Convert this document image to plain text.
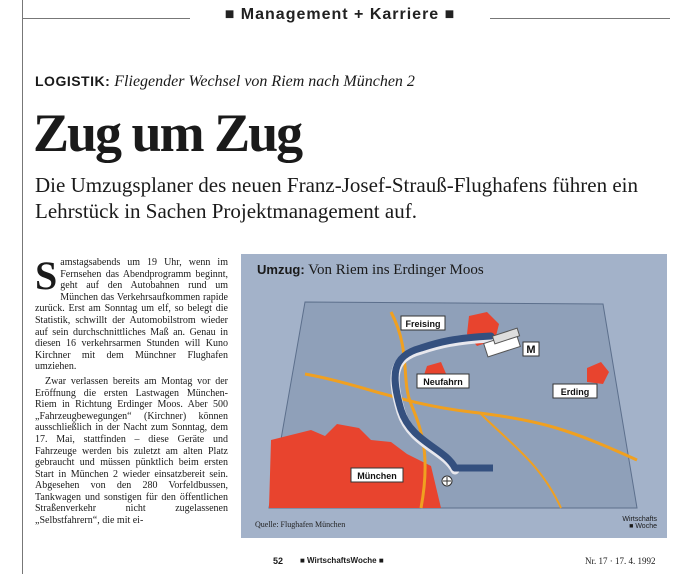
■ Management + Karriere ■
LOGISTIK: Fliegender Wechsel von Riem nach München 2
Zug um Zug
Die Umzugsplaner des neuen Franz-Josef-Strauß-Flughafens führen ein Lehrstück in Sachen Projektmanagement auf.

Samstagsabends um 19 Uhr, wenn im Fernsehen das Abendprogramm beginnt, geht auf den Autobahnen rund um München das Verkehrsaufkommen rapide zurück. Erst am Sonntag um elf, so belegt die Statistik, schwillt der Automobilstrom wieder auf sein durchschnittliches Maß an. Genau in diesen 16 verkehrsarmen Stunden will Kuno Kirchner mit dem Münchner Flughafen umziehen.

Zwar verlassen bereits am Montag vor der Eröffnung die ersten Lastwagen München-Riem in Richtung Erdinger Moos. Aber 500 „Fahrzeugbewegungen“ (Kirchner) können ausschließlich in der Nacht zum Sonntag, dem 17. Mai, stattfinden – diese Geräte und Fahrzeuge werden bis zuletzt am alten Platz gebraucht und müssen pünktlich beim ersten Start in München 2 wieder einsatzbereit sein. Abgesehen von den 280 Vorfeldbussen, Tankwagen und sonstigen für den öffentlichen Straßenverkehr nicht zugelassenen „Selbstfahrern“, die mit ei-

M
Freising
Neufahrn
Erding
München
Umzug: Von Riem ins Erdinger Moos
Quelle: Flughafen München
Wirtschafts
■ Woche
52 ■ WirtschaftsWoche ■	Nr. 17 · 17. 4. 1992
